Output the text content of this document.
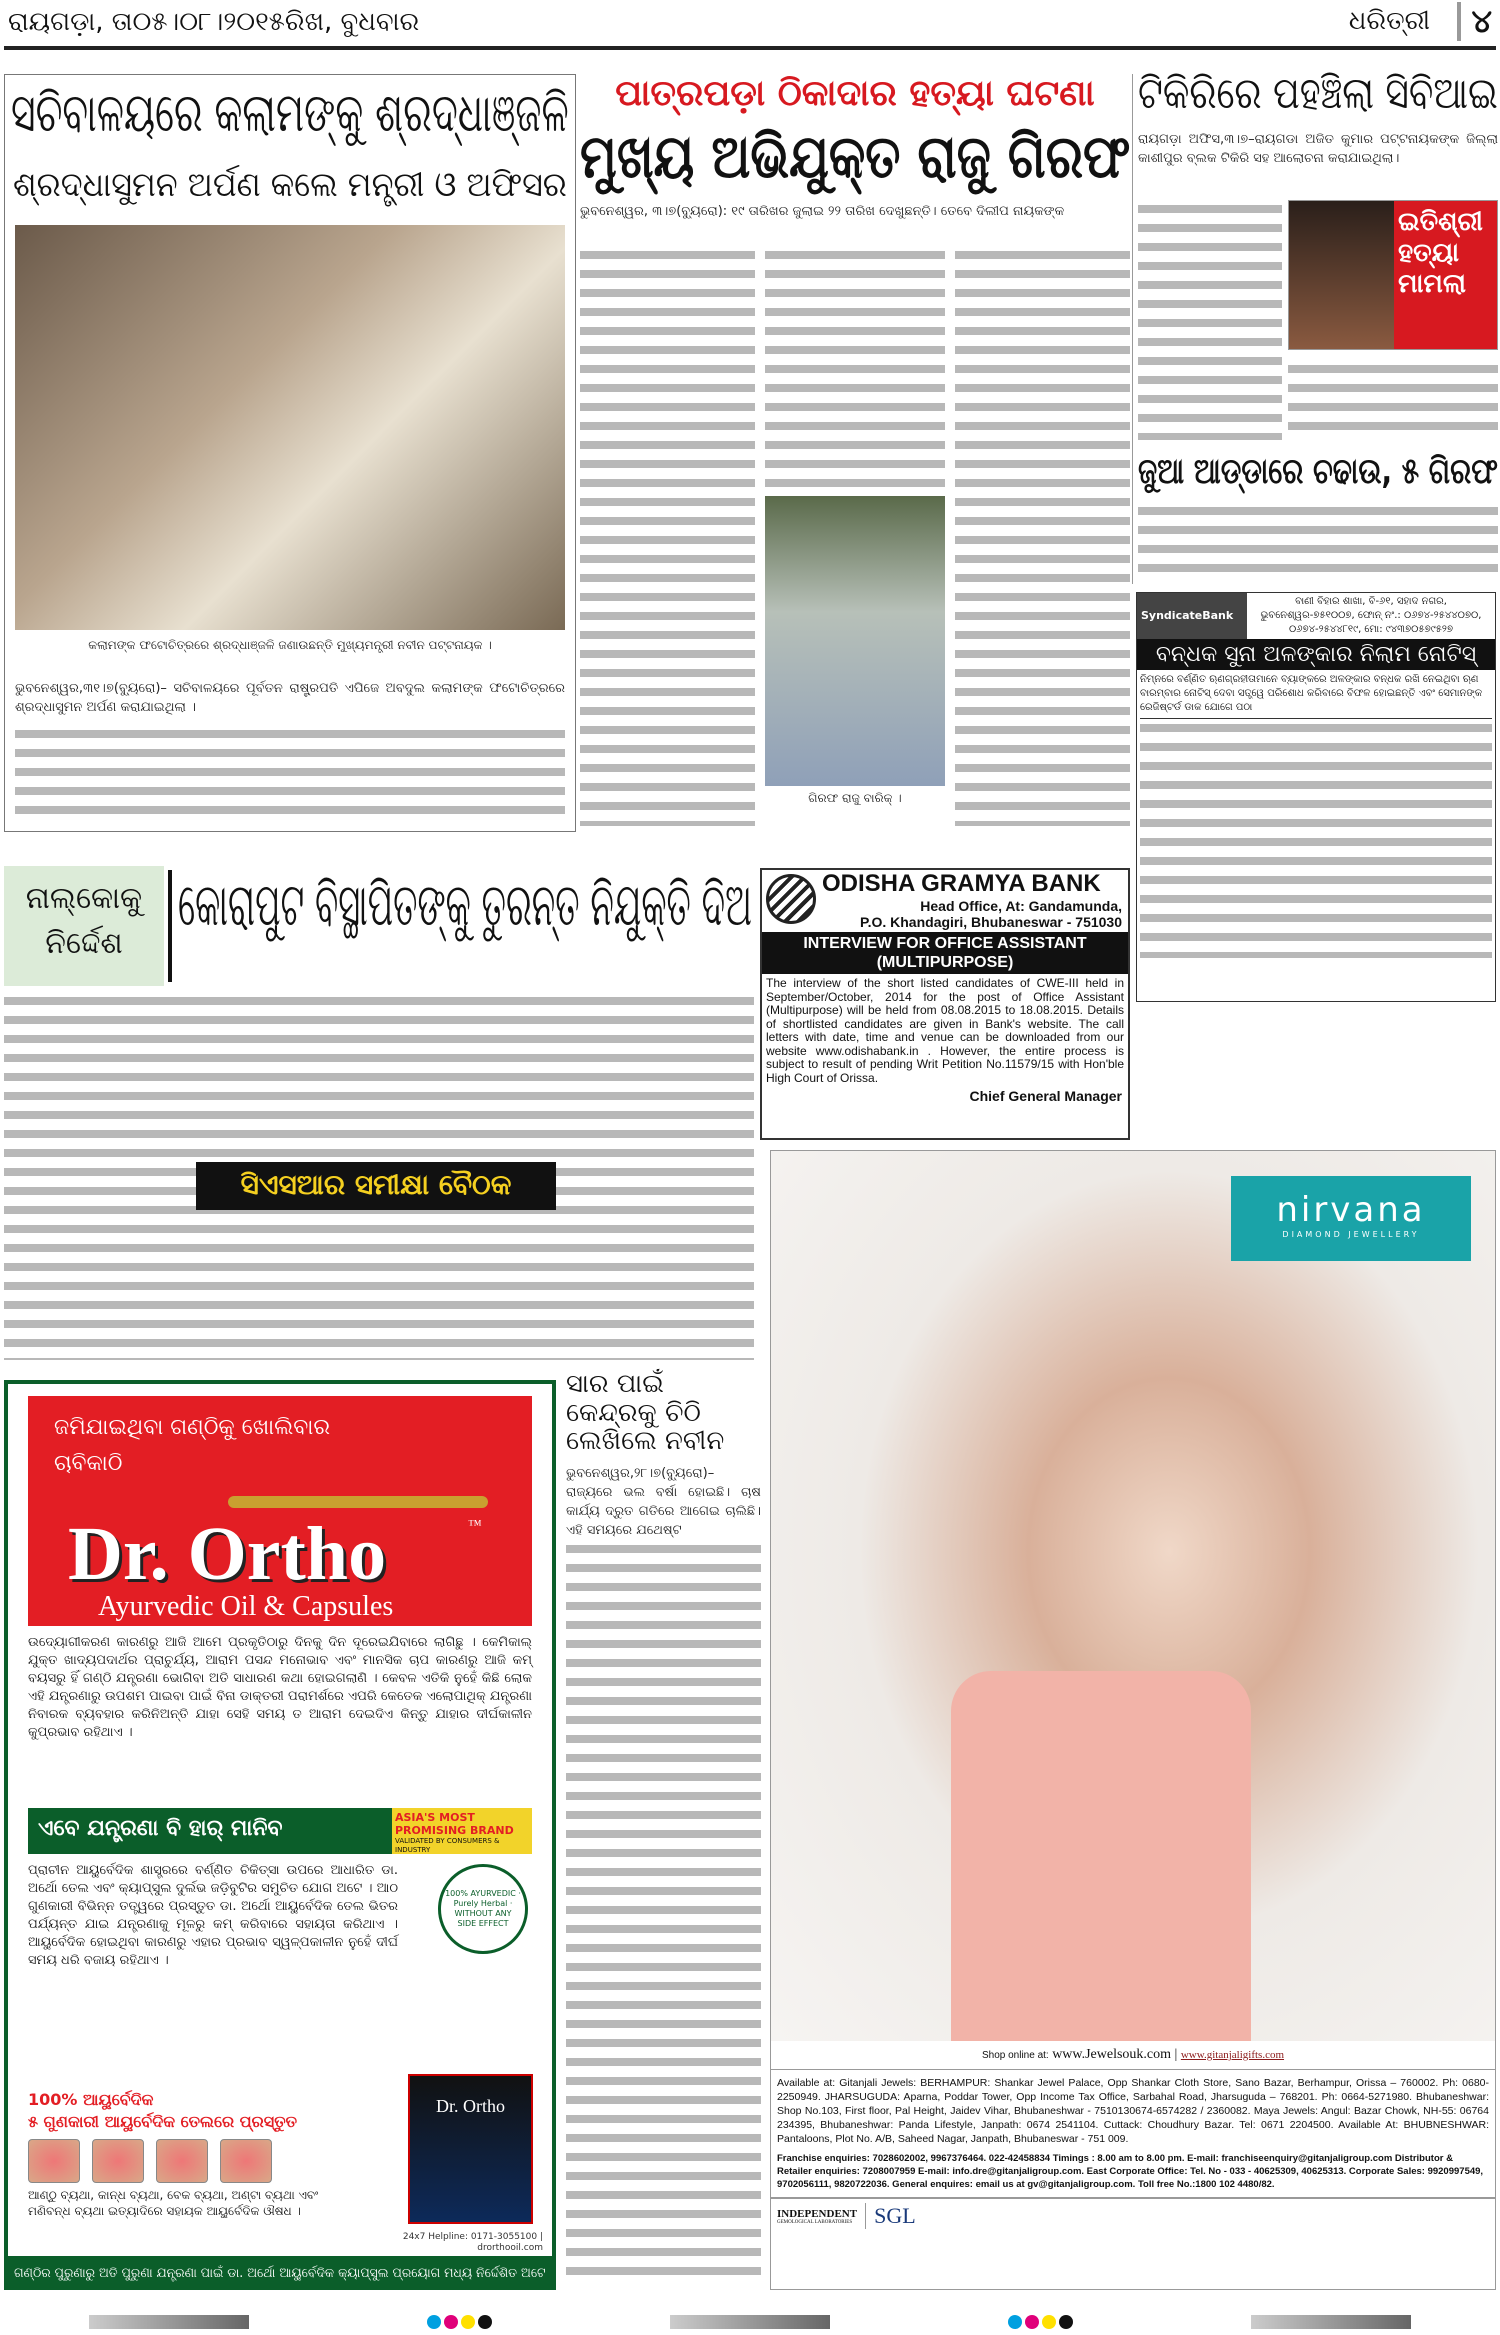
ରାୟଗଡ଼ା, ତା୦୫।୦୮।୨୦୧୫ରିଖ, ବୁଧବାର	ଧରିତ୍ରୀ	୪
ସଚିବାଳୟରେ କଲାମଙ୍କୁ ଶ୍ରଦ୍ଧାଞ୍ଜଳି
ଶ୍ରଦ୍ଧାସୁମନ ଅର୍ପଣ କଲେ ମନ୍ତ୍ରୀ ଓ ଅଫିସର
କଲାମଙ୍କ ଫଟୋଚିତ୍ରରେ ଶ୍ରଦ୍ଧାଞ୍ଜଳି ଜଣାଉଛନ୍ତି ମୁଖ୍ୟମନ୍ତ୍ରୀ ନବୀନ ପଟ୍ଟନାୟକ ।
ଭୁବନେଶ୍ୱର,୩୧।୭(ବ୍ୟୁରୋ)– ସଚିବାଳୟରେ ପୂର୍ବତନ ରାଷ୍ଟ୍ରପତି ଏପିଜେ ଅବଦୁଲ କଲାମଙ୍କ ଫଟୋଚିତ୍ରରେ ଶ୍ରଦ୍ଧାସୁମନ ଅର୍ପଣ କରାଯାଇଥିଲା ।
ପାତ୍ରପଡ଼ା ଠିକାଦାର ହତ୍ୟା ଘଟଣା
ମୁଖ୍ୟ ଅଭିଯୁକ୍ତ ରାଜୁ ଗିରଫ
ଭୁବନେଶ୍ୱର, ୩।୭(ବ୍ୟୁରୋ): ୧୯ ତାରିଖର ଜୁଲାଇ ୨୨ ତାରିଖ ଦେଖୁଛନ୍ତି। ତେବେ ଦିଲୀପ ନାୟକଙ୍କ
ଗିରଫ ରାଜୁ ବାରିକ୍ ।
ଟିକିରିରେ ପହଞ୍ଚିଲା ସିବିଆଇ
ରାୟଗଡ଼ା ଅଫିସ,୩।୭–ରାୟଗଡା ଅଜିତ କୁମାର ପଟ୍ଟନାୟକଙ୍କ ଜିଲ୍ଲା କାଶୀପୁର ବ୍ଲକ ଟିକିରି ସହ ଆଲୋଚନା କରାଯାଇଥିଲା।
ଇତିଶ୍ରୀ ହତ୍ୟା ମାମଲା
ଜୁଆ ଆଡ୍ଡାରେ ଚଢାଉ, ୫ ଗିରଫ
SyndicateBank
ବାଣୀ ବିହାର ଶାଖା, ବି-୬୧, ସହାଦ ନଗର, ଭୁବନେଶ୍ୱର-୭୫୧୦୦୭, ଫୋନ୍ ନଂ.: ୦୬୭୪-୨୫୪୪୦୭୦, ୦୬୭୪-୨୫୪୪୮୧୯, ମୋ: ୯୪୩୭୦୫୭୯୫୨୭
ବନ୍ଧକ ସୁନା ଅଳଙ୍କାର ନିଲାମ ନୋଟିସ୍
ନିମ୍ନରେ ବର୍ଣ୍ଣିତ ଋଣଗ୍ରହୀତାମାନେ ବ୍ୟାଙ୍କରେ ଅଳଙ୍କାର ବନ୍ଧକ ରଖି ନେଇଥିବା ଋଣ ବାରମ୍ବାର ନୋଟିସ୍ ଦେବା ସତ୍ତ୍ୱେ ପରିଶୋଧ କରିବାରେ ବିଫଳ ହୋଇଛନ୍ତି ଏବଂ ସେମାନଙ୍କ ରେଜିଷ୍ଟର୍ଡ ଡାକ ଯୋଗେ ପଠା
ନାଲ୍କୋକୁ ନିର୍ଦ୍ଦେଶ
କୋରାପୁଟ ବିସ୍ଥାପିତଙ୍କୁ ତୁରନ୍ତ ନିଯୁକ୍ତି ଦିଅ
ସିଏସଆର ସମୀକ୍ଷା ବୈଠକ
ODISHA GRAMYA BANK
Head Office, At: Gandamunda,
P.O. Khandagiri, Bhubaneswar - 751030
INTERVIEW FOR OFFICE ASSISTANT (MULTIPURPOSE)
The interview of the short listed candidates of CWE-III held in September/October, 2014 for the post of Office Assistant (Multipurpose) will be held from 08.08.2015 to 18.08.2015. Details of shortlisted candidates are given in Bank's website. The call letters with date, time and venue can be downloaded from our website www.odishabank.in . However, the entire process is subject to result of pending Writ Petition No.11579/15 with Hon'ble High Court of Orissa.
Chief General Manager
ସାର ପାଇଁ କେନ୍ଦ୍ରକୁ ଚିଠି ଲେଖିଲେ ନବୀନ
ଭୁବନେଶ୍ୱର,୨୮।୭(ବ୍ୟୁରୋ)– ରାଜ୍ୟରେ ଭଲ ବର୍ଷା ହୋଇଛି। ଚାଷ କାର୍ଯ୍ୟ ଦ୍ରୁତ ଗତିରେ ଆଗେଇ ଚାଲିଛି। ଏହି ସମୟରେ ଯଥେଷ୍ଟ
ଜମିଯାଇଥିବା ଗଣ୍ଠିକୁ ଖୋଲିବାର ଚାବିକାଠି
Dr. Ortho	™
Ayurvedic Oil & Capsules
ଉଦ୍ୟୋଗୀକରଣ କାରଣରୁ ଆଜି ଆମେ ପ୍ରକୃତିଠାରୁ ଦିନକୁ ଦିନ ଦୂରେଇଯିବାରେ ଲାଗିଛୁ । କେମିକାଲ୍ ଯୁକ୍ତ ଖାଦ୍ୟପଦାର୍ଥର ପ୍ରାଚୁର୍ଯ୍ୟ, ଆରାମ ପସନ୍ଦ ମନୋଭାବ ଏବଂ ମାନସିକ ଚାପ କାରଣରୁ ଆଜି କମ୍ ବୟସରୁ ହିଁ ଗଣ୍ଠି ଯନ୍ତ୍ରଣା ଭୋଗିବା ଅତି ସାଧାରଣ କଥା ହୋଇଗଲାଣି । କେବଳ ଏତିକି ନୁହେଁ କିଛି ଲୋକ ଏହି ଯନ୍ତ୍ରଣାରୁ ଉପଶମ ପାଇବା ପାଇଁ ବିନା ଡାକ୍ତରୀ ପରାମର୍ଶରେ ଏପରି କେତେକ ଏଲୋପାଥିକ୍ ଯନ୍ତ୍ରଣା ନିବାରକ ବ୍ୟବହାର କରିନିଅନ୍ତି ଯାହା ସେହି ସମୟ ତ ଆରାମ ଦେଇଦିଏ କିନ୍ତୁ ଯାହାର ଦୀର୍ଘକାଳୀନ କୁପ୍ରଭାବ ରହିଥାଏ ।
ଏବେ ଯନ୍ତ୍ରଣା ବି ହାର୍ ମାନିବ	ASIA'S MOST PROMISING BRAND
VALIDATED BY CONSUMERS & INDUSTRY
ପ୍ରାଚୀନ ଆୟୁର୍ବେଦିକ ଶାସ୍ତ୍ରରେ ବର୍ଣ୍ଣିତ ଚିକିତ୍ସା ଉପରେ ଆଧାରିତ ଡା. ଅର୍ଥୋ ତେଲ ଏବଂ କ୍ୟାପ୍ସୁଲ ଦୁର୍ଲଭ ଜଡ଼ିବୁଟିର ସମୁଚିତ ଯୋଗ ଅଟେ । ଆଠ ଗୁଣକାରୀ ବିଭିନ୍ନ ତତ୍ତ୍ୱରେ ପ୍ରସ୍ତୁତ ଡା. ଅର୍ଥୋ ଆୟୁର୍ବେଦିକ ତେଲ ଭିତର ପର୍ଯ୍ୟନ୍ତ ଯାଇ ଯନ୍ତ୍ରଣାକୁ ମୂଳରୁ କମ୍ କରିବାରେ ସହାୟତା କରିଥାଏ । ଆୟୁର୍ବେଦିକ ହୋଇଥିବା କାରଣରୁ ଏହାର ପ୍ରଭାବ ସ୍ୱଳ୍ପକାଳୀନ ନୁହେଁ ଦୀର୍ଘ ସମୟ ଧରି ବଜାୟ ରହିଥାଏ ।
100% AYURVEDIC · Purely Herbal · WITHOUT ANY SIDE EFFECT
100% ଆୟୁର୍ବେଦିକ
୫ ଗୁଣକାରୀ ଆୟୁର୍ବେଦିକ ତେଲରେ ପ୍ରସ୍ତୁତ
ଆଣ୍ଠୁ ବ୍ୟଥା, କାନ୍ଧ ବ୍ୟଥା, ବେକ ବ୍ୟଥା, ଅଣ୍ଟା ବ୍ୟଥା ଏବଂ ମଣିବନ୍ଧ ବ୍ୟଥା ଇତ୍ୟାଦିରେ ସହାୟକ ଆୟୁର୍ବେଦିକ ଔଷଧ ।
Dr. Ortho
24x7 Helpline: 0171-3055100 | drorthooil.com
ଗଣ୍ଠିର ପୁରୁଣାରୁ ଅତି ପୁରୁଣା ଯନ୍ତ୍ରଣା ପାଇଁ ଡା. ଅର୍ଥୋ ଆୟୁର୍ବେଦିକ କ୍ୟାପ୍ସୁଲ ପ୍ରୟୋଗ ମଧ୍ୟ ନିର୍ଦ୍ଦେଶିତ ଅଟେ
nirvana
DIAMOND JEWELLERY
Shop online at: www.Jewelsouk.com | www.gitanjaligifts.com
Available at: Gitanjali Jewels: BERHAMPUR: Shankar Jewel Palace, Opp Shankar Cloth Store, Sano Bazar, Berhampur, Orissa – 760002. Ph: 0680-2250949. JHARSUGUDA: Aparna, Poddar Tower, Opp Income Tax Office, Sarbahal Road, Jharsuguda – 768201. Ph: 0664-5271980. Bhubaneshwar: Shop No.103, First floor, Pal Height, Jaidev Vihar, Bhubaneshwar - 7510130674-6574282 / 2360082. Maya Jewels: Angul: Bazar Chowk, NH-55: 06764 234395, Bhubaneshwar: Panda Lifestyle, Janpath: 0674 2541104. Cuttack: Choudhury Bazar. Tel: 0671 2204500. Available At: BHUBNESHWAR: Pantaloons, Plot No. A/B, Saheed Nagar, Janpath, Bhubaneswar - 751 009.
Franchise enquiries: 7028602002, 9967376464. 022-42458834 Timings : 8.00 am to 8.00 pm. E-mail: franchiseenquiry@gitanjaligroup.com Distributor & Retailer enquiries: 7208007959 E-mail: info.dre@gitanjaligroup.com. East Corporate Office: Tel. No - 033 - 40625309, 40625313. Corporate Sales: 9920997549, 9702056111, 9820722036. General enquires: email us at gv@gitanjaligroup.com. Toll free No.:1800 102 4480/82.
INDEPENDENT
GEMOLOGICAL LABORATORIES SGL
